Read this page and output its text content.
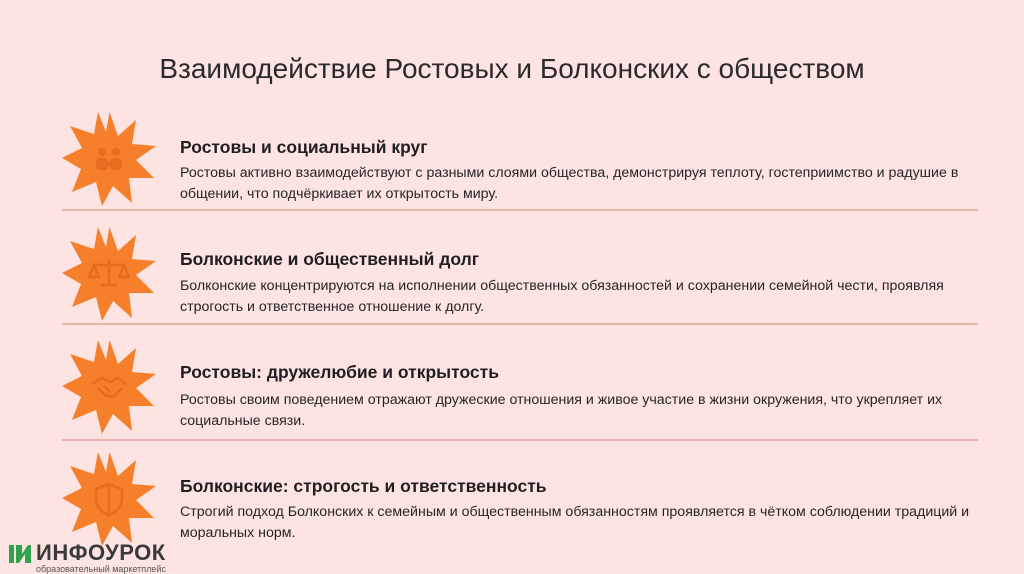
Взаимодействие Ростовых и Болконских с обществом

Ростовы и социальный круг

Ростовы активно взаимодействуют с разными слоями общества, демонстрируя теплоту, гостеприимство и радушие в общении, что подчёркивает их открытость миру.

Болконские и общественный долг

Болконские концентрируются на исполнении общественных обязанностей и сохранении семейной чести, проявляя строгость и ответственное отношение к долгу.

Ростовы: дружелюбие и открытость

Ростовы своим поведением отражают дружеские отношения и живое участие в жизни окружения, что укрепляет их социальные связи.

Болконские: строгость и ответственность

Строгий подход Болконских к семейным и общественным обязанностям проявляется в чётком соблюдении традиций и моральных норм.

ИНФОУРОК
образовательный маркетплейс
